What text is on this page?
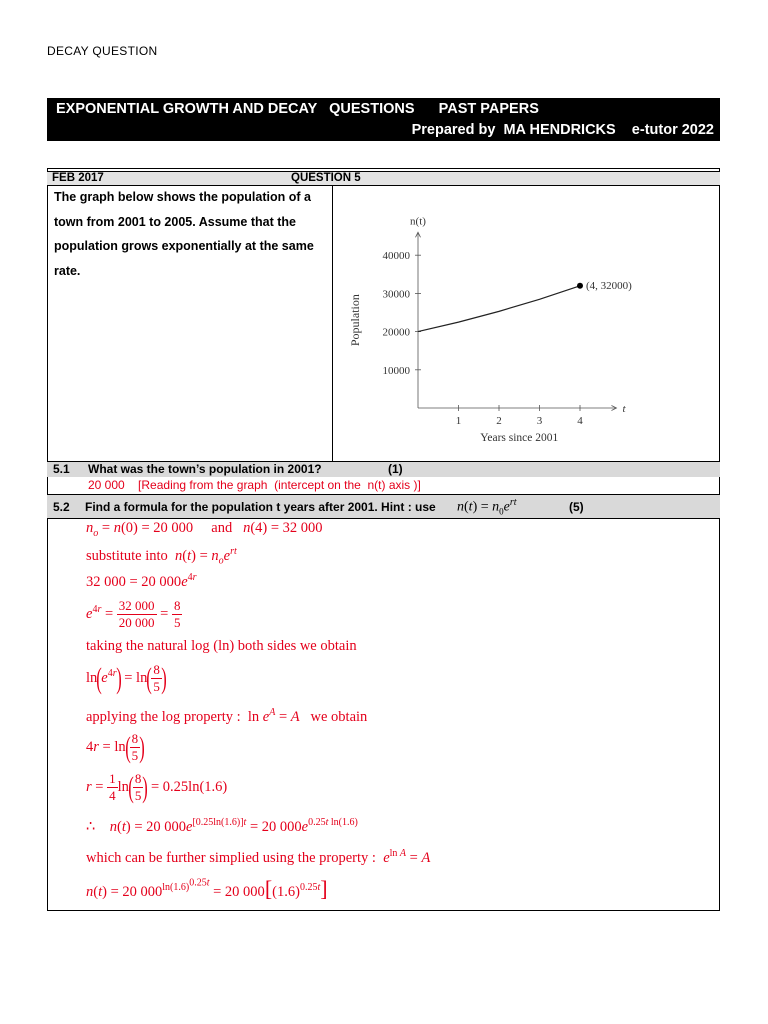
DECAY QUESTION
EXPONENTIAL GROWTH AND DECAY   QUESTIONS      PAST PAPERS
Prepared by  MA HENDRICKS    e-tutor 2022
FEB 2017	QUESTION 5
The graph below shows the population of a town from 2001 to 2005. Assume that the population grows exponentially at the same rate.
1	2	3	4
10000
20000
30000
40000
(4, 32000)
Years since 2001
t
n(t)
Population
5.1 What was the town’s population in 2001?	(1)
20 000 [Reading from the graph  (intercept on the  n(t) axis )]
5.2 Find a formula for the population t years after 2001. Hint : use $n(t) = n_0e^{rt}$	(5)
$n_o = n(0) = 20$ 000     and n(4) = 32 000
substitute into $n(t) = n_oe^{rt}$
32 000 = 20 $000e^{4r}$
$e^{4r} = \frac{32 000}{20 000} = \frac{8}{5}$
taking the natural log (ln) both sides we obtain
$\ln(e^{4r}) = \ln( \frac{8}{5}$ )
applying the log property :  $\ln e^A = A$ we obtain
$4r = \ln( \frac{8}{5}$ )
$r = \frac{1}{4} \ln( \frac{8}{5}$ ) = 0.25ln(1.6)
∴    n(t) = 20 $000e^{[0.25ln(1.6)]t} = 20$ $000e^{0.25t ln(1.6)}$
which can be further simplied using the property : $e^{ln A} = A$
n(t) = 20 $000^{ln(1.6)^{0.25t}} = 20$ $000[(1.6)^{0.25t}]$
